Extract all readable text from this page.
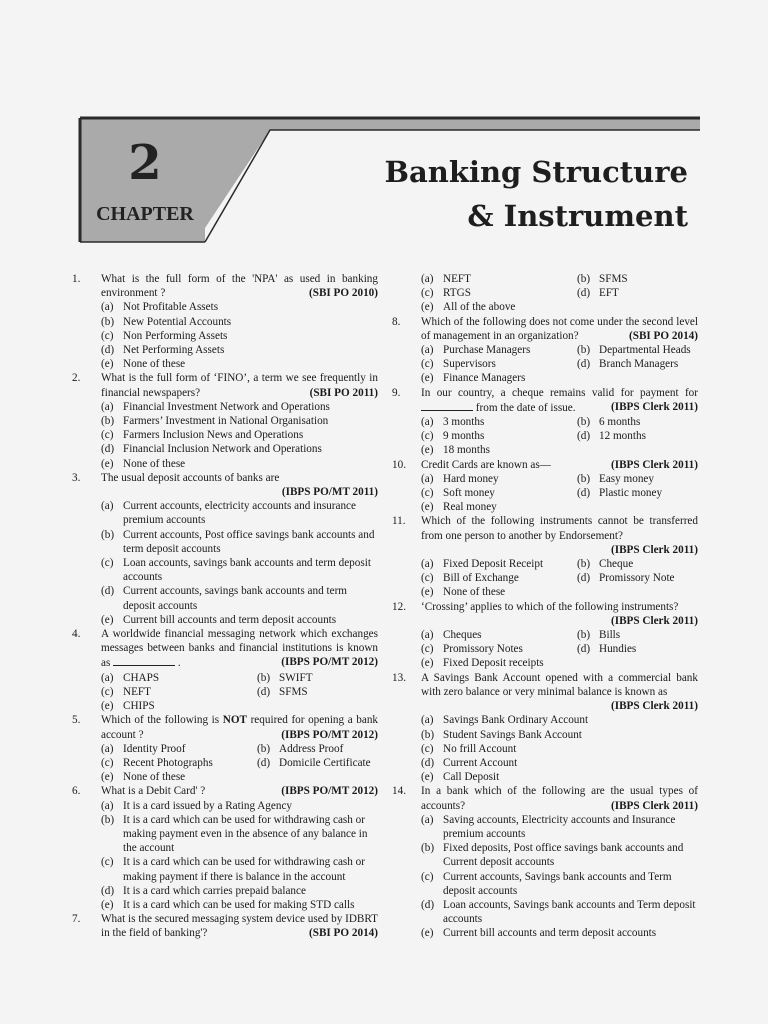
2
CHAPTER
Banking Structure
& Instrument
1. What is the full form of the 'NPA' as used in banking environment ?	(SBI PO 2010)
(a) Not Profitable Assets
(b) New Potential Accounts
(c) Non Performing Assets
(d) Net Performing Assets
(e) None of these
2. What is the full form of ‘FINO’, a term we see frequently in financial newspapers?	(SBI PO 2011)
(a) Financial Investment Network and Operations
(b) Farmers’ Investment in National Organisation
(c) Farmers Inclusion News and Operations
(d) Financial Inclusion Network and Operations
(e) None of these
3. The usual deposit accounts of banks are
(IBPS PO/MT 2011)
(a) Current accounts, electricity accounts and insurance premium accounts
(b) Current accounts, Post office savings bank accounts and term deposit accounts
(c) Loan accounts, savings bank accounts and term deposit accounts
(d) Current accounts, savings bank accounts and term deposit accounts
(e) Current bill accounts and term deposit accounts
4. A worldwide financial messaging network which exchanges messages between banks and financial institutions is known as	.	(IBPS PO/MT 2012)
(a) CHAPS	(b) SWIFT
(c) NEFT	(d) SFMS
(e) CHIPS
5. Which of the following is NOT required for opening a bank account ?	(IBPS PO/MT 2012)
(a) Identity Proof	(b) Address Proof
(c) Recent Photographs	(d) Domicile Certificate
(e) None of these
6. What is a Debit Card' ?	(IBPS PO/MT 2012)
(a) It is a card issued by a Rating Agency
(b) It is a card which can be used for withdrawing cash or making payment even in the absence of any balance in the account
(c) It is a card which can be used for withdrawing cash or making payment if there is balance in the account
(d) It is a card which carries prepaid balance
(e) It is a card which can be used for making STD calls
7. What is the secured messaging system device used by IDBRT in the field of banking'?	(SBI PO 2014)
(a) NEFT	(b) SFMS
(c) RTGS	(d) EFT
(e) All of the above
8. Which of the following does not come under the second level of management in an organization?	(SBI PO 2014)
(a) Purchase Managers	(b) Departmental Heads
(c) Supervisors	(d) Branch Managers
(e) Finance Managers
9. In our country, a cheque remains valid for payment for  from the date of issue.	(IBPS Clerk 2011)
(a) 3 months	(b) 6 months
(c) 9 months	(d) 12 months
(e) 18 months
10. Credit Cards are known as—	(IBPS Clerk 2011)
(a) Hard money	(b) Easy money
(c) Soft money	(d) Plastic money
(e) Real money
11. Which of the following instruments cannot be transferred from one person to another by Endorsement?
(IBPS Clerk 2011)
(a) Fixed Deposit Receipt	(b) Cheque
(c) Bill of Exchange	(d) Promissory Note
(e) None of these
12. ‘Crossing’ applies to which of the following instruments?
(IBPS Clerk 2011)
(a) Cheques	(b) Bills
(c) Promissory Notes	(d) Hundies
(e) Fixed Deposit receipts
13. A Savings Bank Account opened with a commercial bank with zero balance or very minimal balance is known as
(IBPS Clerk 2011)
(a) Savings Bank Ordinary Account
(b) Student Savings Bank Account
(c) No frill Account
(d) Current Account
(e) Call Deposit
14. In a bank which of the following are the usual types of accounts?	(IBPS Clerk 2011)
(a) Saving accounts, Electricity accounts and Insurance premium accounts
(b) Fixed deposits, Post office savings bank accounts and Current deposit accounts
(c) Current accounts, Savings bank accounts and Term deposit accounts
(d) Loan accounts, Savings bank accounts and Term deposit accounts
(e) Current bill accounts and term deposit accounts
